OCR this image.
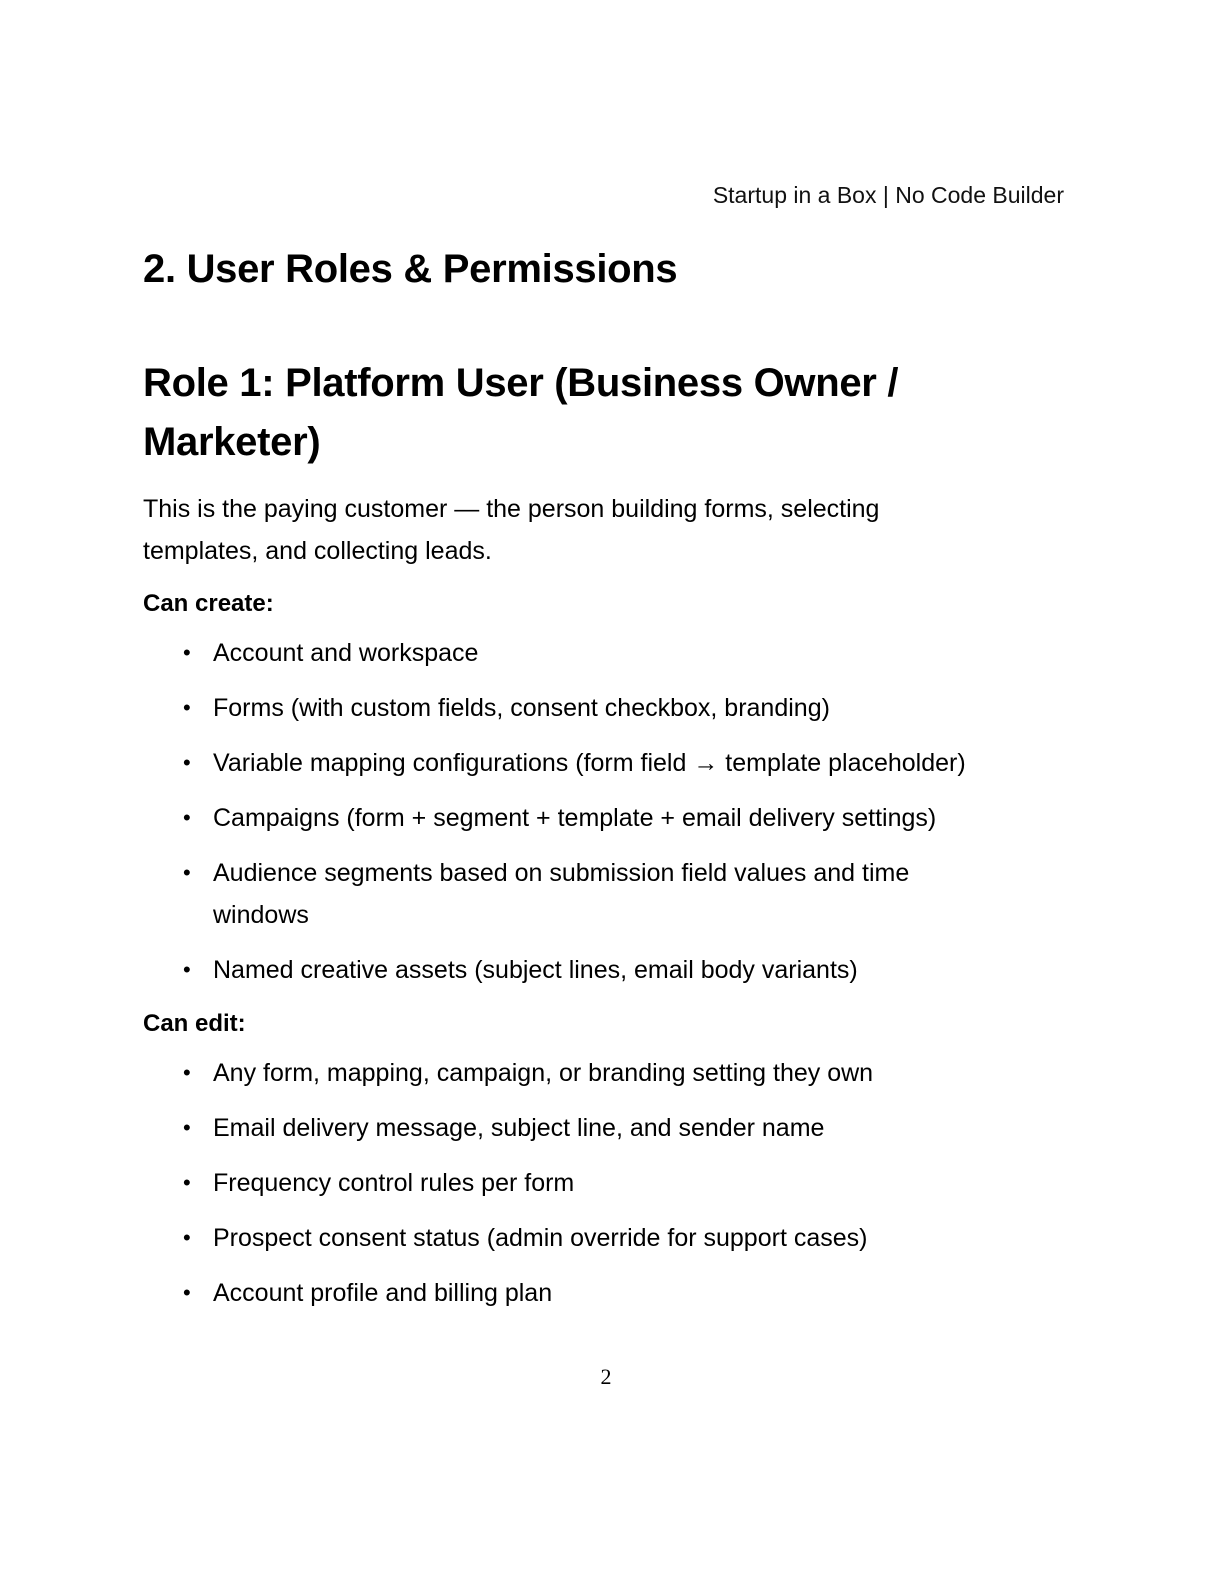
Startup in a Box | No Code Builder
2. User Roles & Permissions
Role 1: Platform User (Business Owner / Marketer)

This is the paying customer — the person building forms, selecting templates, and collecting leads.

Can create:
• Account and workspace
• Forms (with custom fields, consent checkbox, branding)
• Variable mapping configurations (form field → template placeholder)
• Campaigns (form + segment + template + email delivery settings)
• Audience segments based on submission field values and time windows
• Named creative assets (subject lines, email body variants)
Can edit:
• Any form, mapping, campaign, or branding setting they own
• Email delivery message, subject line, and sender name
• Frequency control rules per form
• Prospect consent status (admin override for support cases)
• Account profile and billing plan
2
